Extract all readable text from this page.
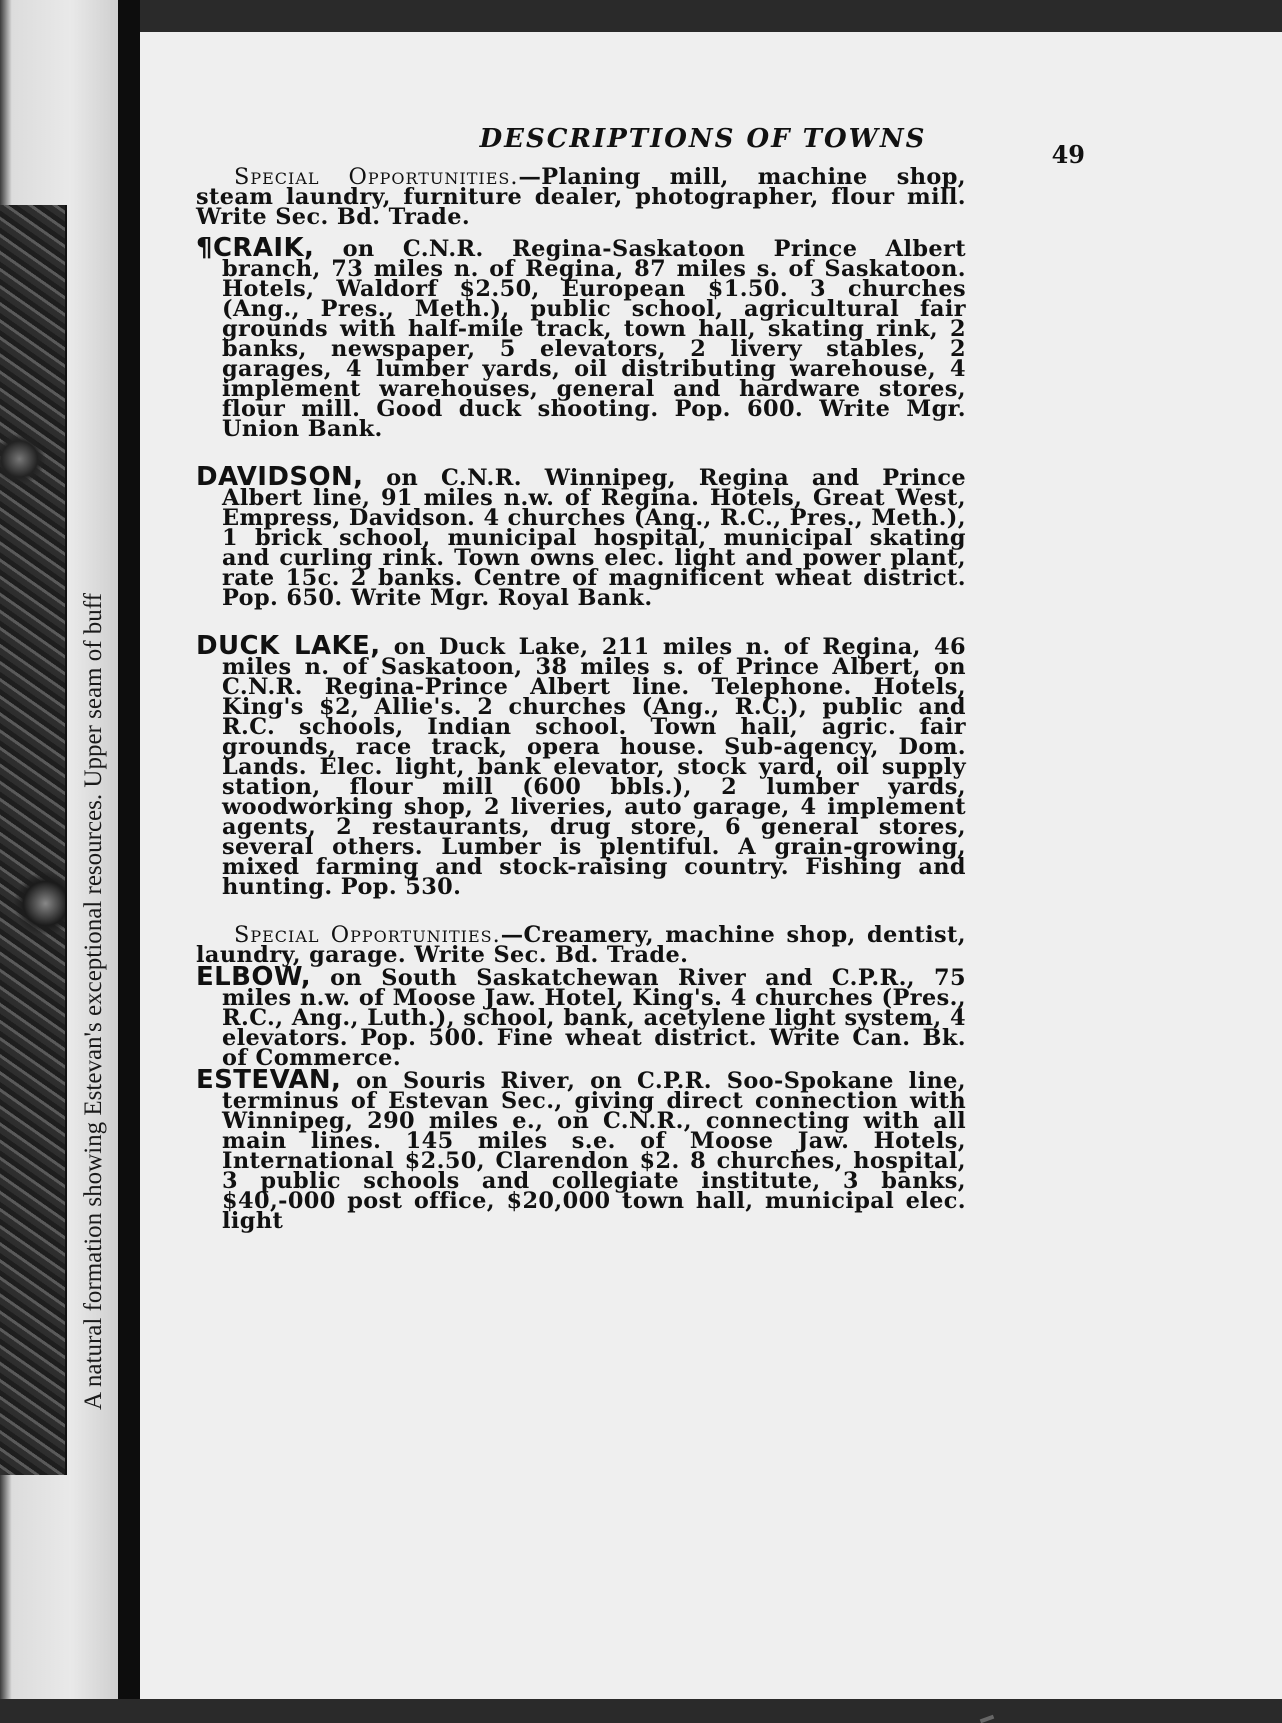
A natural formation showing Estevan's exceptional resources. Upper seam of buff
DESCRIPTIONS OF TOWNS
49

Special Opportunities.—Planing mill, machine shop, steam laundry, furniture dealer, photographer, flour mill. Write Sec. Bd. Trade.

¶CRAIK, on C.N.R. Regina-Saskatoon Prince Albert branch, 73 miles n. of Regina, 87 miles s. of Saskatoon. Hotels, Waldorf $2.50, European $1.50. 3 churches (Ang., Pres., Meth.), public school, agricultural fair grounds with half-mile track, town hall, skating rink, 2 banks, newspaper, 5 elevators, 2 livery stables, 2 garages, 4 lumber yards, oil distributing warehouse, 4 implement warehouses, general and hardware stores, flour mill. Good duck shooting. Pop. 600. Write Mgr. Union Bank.

DAVIDSON, on C.N.R. Winnipeg, Regina and Prince Albert line, 91 miles n.w. of Regina. Hotels, Great West, Empress, Davidson. 4 churches (Ang., R.C., Pres., Meth.), 1 brick school, municipal hospital, municipal skating and curling rink. Town owns elec. light and power plant, rate 15c. 2 banks. Centre of magnificent wheat district. Pop. 650. Write Mgr. Royal Bank.

DUCK LAKE, on Duck Lake, 211 miles n. of Regina, 46 miles n. of Saskatoon, 38 miles s. of Prince Albert, on C.N.R. Regina-Prince Albert line. Telephone. Hotels, King's $2, Allie's. 2 churches (Ang., R.C.), public and R.C. schools, Indian school. Town hall, agric. fair grounds, race track, opera house. Sub-agency, Dom. Lands. Elec. light, bank elevator, stock yard, oil supply station, flour mill (600 bbls.), 2 lumber yards, woodworking shop, 2 liveries, auto garage, 4 implement agents, 2 restaurants, drug store, 6 general stores, several others. Lumber is plentiful. A grain-growing, mixed farming and stock-raising country. Fishing and hunting. Pop. 530.

Special Opportunities.—Creamery, machine shop, dentist, laundry, garage. Write Sec. Bd. Trade.

ELBOW, on South Saskatchewan River and C.P.R., 75 miles n.w. of Moose Jaw. Hotel, King's. 4 churches (Pres., R.C., Ang., Luth.), school, bank, acetylene light system, 4 elevators. Pop. 500. Fine wheat district. Write Can. Bk. of Commerce.

ESTEVAN, on Souris River, on C.P.R. Soo-Spokane line, terminus of Estevan Sec., giving direct connection with Winnipeg, 290 miles e., on C.N.R., connecting with all main lines. 145 miles s.e. of Moose Jaw. Hotels, International $2.50, Clarendon $2. 8 churches, hospital, 3 public schools and collegiate institute, 3 banks, $40,-000 post office, $20,000 town hall, municipal elec. light
